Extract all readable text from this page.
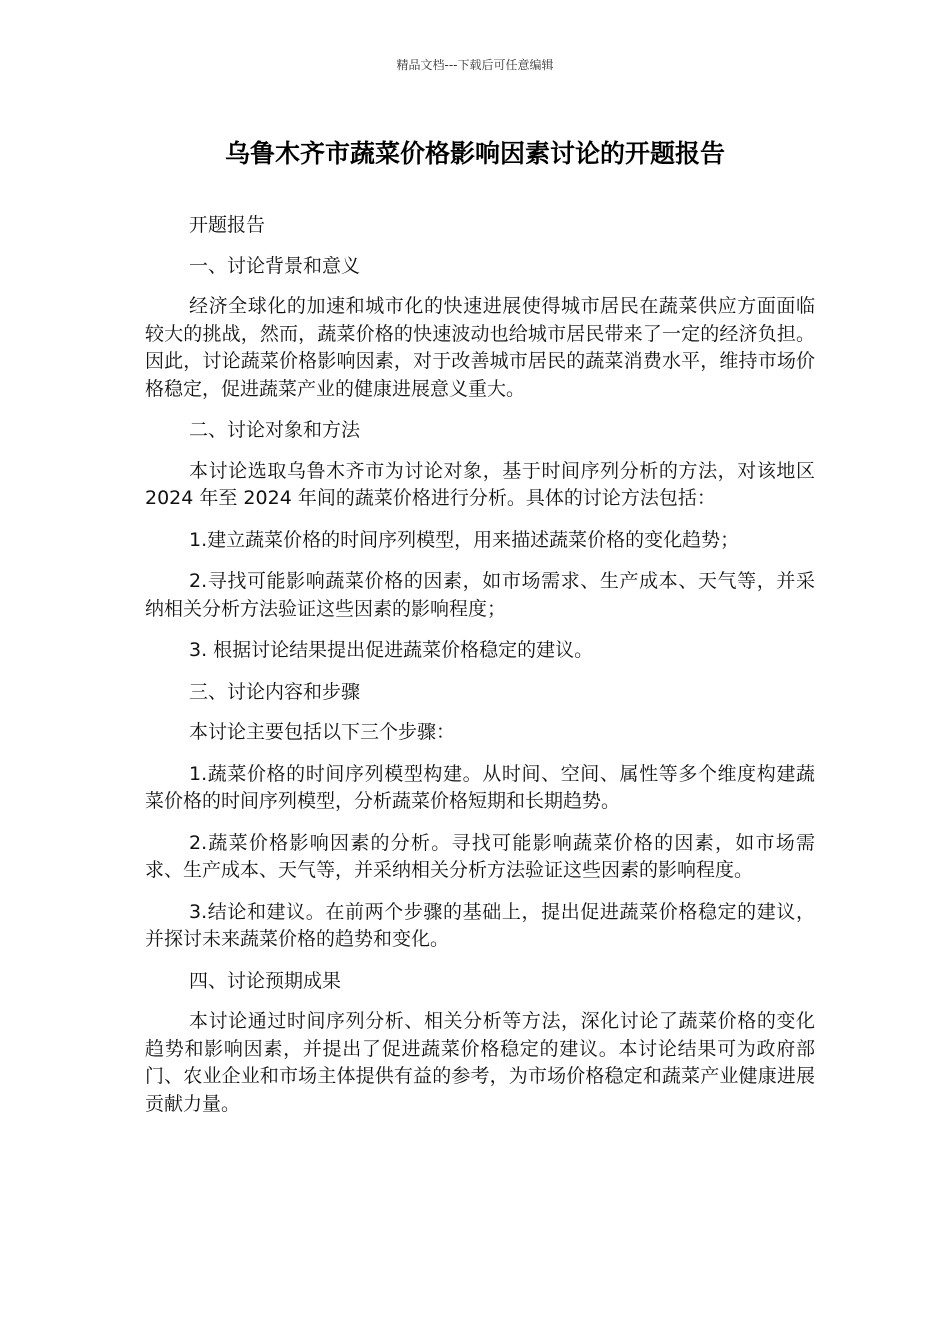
精品文档---下载后可任意编辑
乌鲁木齐市蔬菜价格影响因素讨论的开题报告

开题报告

一、讨论背景和意义

经济全球化的加速和城市化的快速进展使得城市居民在蔬菜供应方面面临较大的挑战，然而，蔬菜价格的快速波动也给城市居民带来了一定的经济负担。因此，讨论蔬菜价格影响因素，对于改善城市居民的蔬菜消费水平，维持市场价格稳定，促进蔬菜产业的健康进展意义重大。

二、讨论对象和方法

本讨论选取乌鲁木齐市为讨论对象，基于时间序列分析的方法，对该地区 2024 年至 2024 年间的蔬菜价格进行分析。具体的讨论方法包括：

1.建立蔬菜价格的时间序列模型，用来描述蔬菜价格的变化趋势；

2.寻找可能影响蔬菜价格的因素，如市场需求、生产成本、天气等，并采纳相关分析方法验证这些因素的影响程度；

3. 根据讨论结果提出促进蔬菜价格稳定的建议。

三、讨论内容和步骤

本讨论主要包括以下三个步骤：

1.蔬菜价格的时间序列模型构建。从时间、空间、属性等多个维度构建蔬菜价格的时间序列模型，分析蔬菜价格短期和长期趋势。

2.蔬菜价格影响因素的分析。寻找可能影响蔬菜价格的因素，如市场需求、生产成本、天气等，并采纳相关分析方法验证这些因素的影响程度。

3.结论和建议。在前两个步骤的基础上，提出促进蔬菜价格稳定的建议，并探讨未来蔬菜价格的趋势和变化。

四、讨论预期成果

本讨论通过时间序列分析、相关分析等方法，深化讨论了蔬菜价格的变化趋势和影响因素，并提出了促进蔬菜价格稳定的建议。本讨论结果可为政府部门、农业企业和市场主体提供有益的参考，为市场价格稳定和蔬菜产业健康进展贡献力量。
